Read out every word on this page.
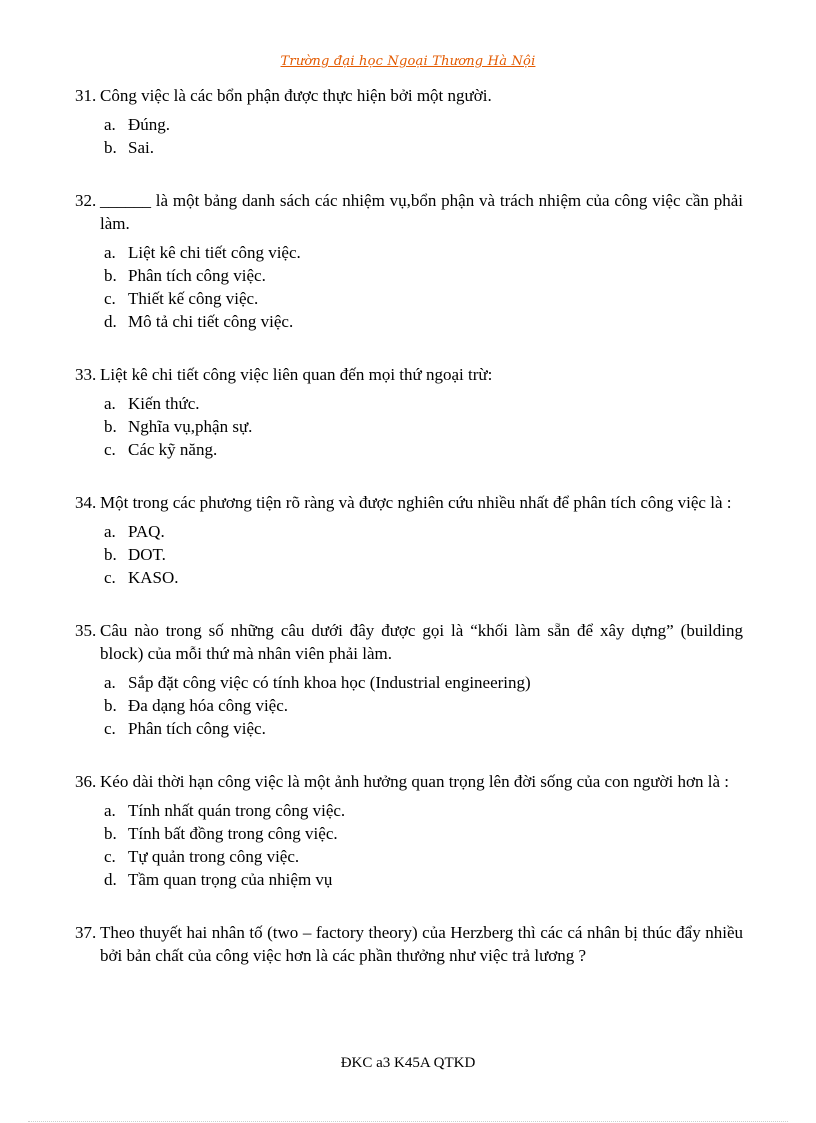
Trường đại học Ngoại Thương Hà Nội

31. Công việc là các bổn phận được thực hiện bởi một người.

a. Đúng.
b. Sai.

32. ______ là một bảng danh sách các nhiệm vụ,bổn phận và trách nhiệm của công việc cần phải làm.

a. Liệt kê chi tiết công việc.
b. Phân tích công việc.
c. Thiết kế công việc.
d. Mô tả chi tiết công việc.

33. Liệt kê chi tiết công việc liên quan đến mọi thứ ngoại trừ:

a. Kiến thức.
b. Nghĩa vụ,phận sự.
c. Các kỹ năng.

34. Một trong các phương tiện rõ ràng và được nghiên cứu nhiều nhất để phân tích công việc là :

a. PAQ.
b. DOT.
c. KASO.

35. Câu nào trong số những câu dưới đây được gọi là “khối làm sẵn để xây dựng” (building block) của mỗi thứ mà nhân viên phải làm.

a. Sắp đặt công việc có tính khoa học (Industrial engineering)
b. Đa dạng hóa công việc.
c. Phân tích công việc.

36. Kéo dài thời hạn công việc là một ảnh hưởng quan trọng lên đời sống của con người hơn là :

a. Tính nhất quán trong công việc.
b. Tính bất đồng trong công việc.
c. Tự quản trong công việc.
d. Tầm quan trọng của nhiệm vụ

37. Theo thuyết hai nhân tố (two – factory theory) của Herzberg thì các cá nhân bị thúc đẩy nhiều bởi bản chất của công việc hơn là các phần thưởng như việc trả lương ?

ĐKC a3 K45A QTKD
